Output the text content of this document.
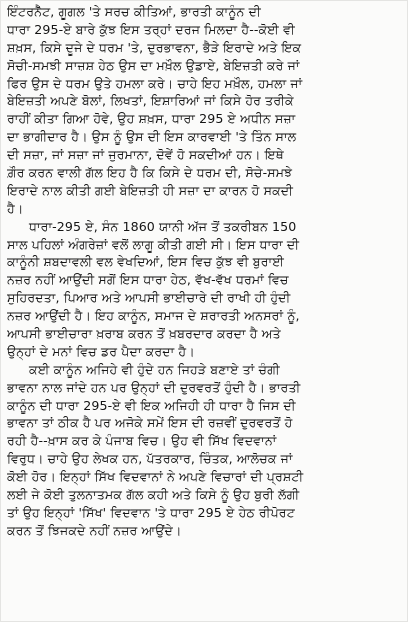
ਇੰਟਰਨੈੱਟ, ਗੂਗਲ 'ਤੇ ਸਰਚ ਕੀਤਿਆਂ, ਭਾਰਤੀ ਕਾਨੂੰਨ ਦੀ
ਧਾਰਾ 295-ਏ ਬਾਰੇ ਕੁੱਝ ਇਸ ਤਰ੍ਹਾਂ ਦਰਜ ਮਿਲਦਾ ਹੈ--ਕੋਈ ਵੀ
ਸ਼ਖ਼ਸ, ਕਿਸੇ ਦੂਜੇ ਦੇ ਧਰਮ 'ਤੇ, ਦੁਰਭਾਵਨਾ, ਭੈੜੇ ਇਰਾਦੇ ਅਤੇ ਇਕ
ਸੋਚੀ-ਸਮਝੀ ਸਾਜ਼ਸ਼ ਹੇਠ ਉਸ ਦਾ ਮਖ਼ੌਲ ਉਡਾਏ, ਬੇਇਜ਼ਤੀ ਕਰੇ ਜਾਂ
ਫਿਰ ਉਸ ਦੇ ਧਰਮ ਉਤੇ ਹਮਲਾ ਕਰੇ। ਚਾਹੇ ਇਹ ਮਖ਼ੌਲ, ਹਮਲਾ ਜਾਂ
ਬੇਇਜ਼ਤੀ ਅਪਣੇ ਬੋਲਾਂ, ਲਿਖਤਾਂ, ਇਸ਼ਾਰਿਆਂ ਜਾਂ ਕਿਸੇ ਹੋਰ ਤਰੀਕੇ
ਰਾਹੀਂ ਕੀਤਾ ਗਿਆ ਹੋਵੇ, ਉਹ ਸ਼ਖ਼ਸ, ਧਾਰਾ 295 ਏ ਅਧੀਨ ਸਜ਼ਾ
ਦਾ ਭਾਗੀਦਾਰ ਹੈ। ਉਸ ਨੂੰ ਉਸ ਦੀ ਇਸ ਕਾਰਵਾਈ 'ਤੇ ਤਿੰਨ ਸਾਲ
ਦੀ ਸਜ਼ਾ, ਜਾਂ ਸਜ਼ਾ ਜਾਂ ਜੁਰਮਾਨਾ, ਦੋਵੇਂ ਹੋ ਸਕਦੀਆਂ ਹਨ। ਇਥੇ
ਗ਼ੌਰ ਕਰਨ ਵਾਲੀ ਗੱਲ ਇਹ ਹੈ ਕਿ ਕਿਸੇ ਦੇ ਧਰਮ ਦੀ, ਸੋਚੇ-ਸਮਝੇ
ਇਰਾਦੇ ਨਾਲ ਕੀਤੀ ਗਈ ਬੇਇਜ਼ਤੀ ਹੀ ਸਜ਼ਾ ਦਾ ਕਾਰਨ ਹੋ ਸਕਦੀ
ਹੈ।

ਧਾਰਾ-295 ਏ, ਸੰਨ 1860 ਯਾਨੀ ਅੱਜ ਤੋਂ ਤਕਰੀਬਨ 150
ਸਾਲ ਪਹਿਲਾਂ ਅੰਗਰੇਜ਼ਾਂ ਵਲੋਂ ਲਾਗੂ ਕੀਤੀ ਗਈ ਸੀ। ਇਸ ਧਾਰਾ ਦੀ
ਕਾਨੂੰਨੀ ਸ਼ਬਦਾਵਲੀ ਵਲ ਵੇਖਦਿਆਂ, ਇਸ ਵਿਚ ਕੁੱਝ ਵੀ ਬੁਰਾਈ
ਨਜ਼ਰ ਨਹੀਂ ਆਉਂਦੀ ਸਗੋਂ ਇਸ ਧਾਰਾ ਹੇਠ, ਵੱਖ-ਵੱਖ ਧਰਮਾਂ ਵਿਚ
ਸੁਹਿਰਦਤਾ, ਪਿਆਰ ਅਤੇ ਆਪਸੀ ਭਾਈਚਾਰੇ ਦੀ ਰਾਖੀ ਹੀ ਹੁੰਦੀ
ਨਜ਼ਰ ਆਉਂਦੀ ਹੈ। ਇਹ ਕਾਨੂੰਨ, ਸਮਾਜ ਦੇ ਸ਼ਰਾਰਤੀ ਅਨਸਰਾਂ ਨੂੰ,
ਆਪਸੀ ਭਾਈਚਾਰਾ ਖ਼ਰਾਬ ਕਰਨ ਤੋਂ ਖ਼ਬਰਦਾਰ ਕਰਦਾ ਹੈ ਅਤੇ
ਉਨ੍ਹਾਂ ਦੇ ਮਨਾਂ ਵਿਚ ਡਰ ਪੈਦਾ ਕਰਦਾ ਹੈ।

ਕਈ ਕਾਨੂੰਨ ਅਜਿਹੇ ਵੀ ਹੁੰਦੇ ਹਨ ਜਿਹੜੇ ਬਣਾਏ ਤਾਂ ਚੰਗੀ
ਭਾਵਨਾ ਨਾਲ ਜਾਂਦੇ ਹਨ ਪਰ ਉਨ੍ਹਾਂ ਦੀ ਦੁਰਵਰਤੋਂ ਹੁੰਦੀ ਹੈ। ਭਾਰਤੀ
ਕਾਨੂੰਨ ਦੀ ਧਾਰਾ 295-ਏ ਵੀ ਇਕ ਅਜਿਹੀ ਹੀ ਧਾਰਾ ਹੈ ਜਿਸ ਦੀ
ਭਾਵਨਾ ਤਾਂ ਠੀਕ ਹੈ ਪਰ ਅਜੋਕੇ ਸਮੇਂ ਇਸ ਦੀ ਰਜ਼ਵੀਂ ਦੁਰਵਰਤੋਂ ਹੋ
ਰਹੀ ਹੈ--ਖ਼ਾਸ ਕਰ ਕੇ ਪੰਜਾਬ ਵਿਚ। ਉਹ ਵੀ ਸਿੱਖ ਵਿਦਵਾਨਾਂ
ਵਿਰੁਧ। ਚਾਹੇ ਉਹ ਲੇਖਕ ਹਨ, ਪੱਤਰਕਾਰ, ਚਿੰਤਕ, ਆਲੋਚਕ ਜਾਂ
ਕੋਈ ਹੋਰ। ਇਨ੍ਹਾਂ ਸਿੱਖ ਵਿਦਵਾਨਾਂ ਨੇ ਅਪਣੇ ਵਿਚਾਰਾਂ ਦੀ ਪ੍ਰਸ਼ਟੀ
ਲਈ ਜੇ ਕੋਈ ਤੁਲਨਾਤਮਕ ਗੱਲ ਕਹੀ ਅਤੇ ਕਿਸੇ ਨੂੰ ਉਹ ਬੁਰੀ ਲੱਗੀ
ਤਾਂ ਉਹ ਇਨ੍ਹਾਂ 'ਸਿੱਖ' ਵਿਦਵਾਨ 'ਤੇ ਧਾਰਾ 295 ਏ ਹੇਠ ਰੀਪੋਰਟ
ਕਰਨ ਤੋਂ ਝਿਜਕਦੇ ਨਹੀਂ ਨਜ਼ਰ ਆਉਂਦੇ।
